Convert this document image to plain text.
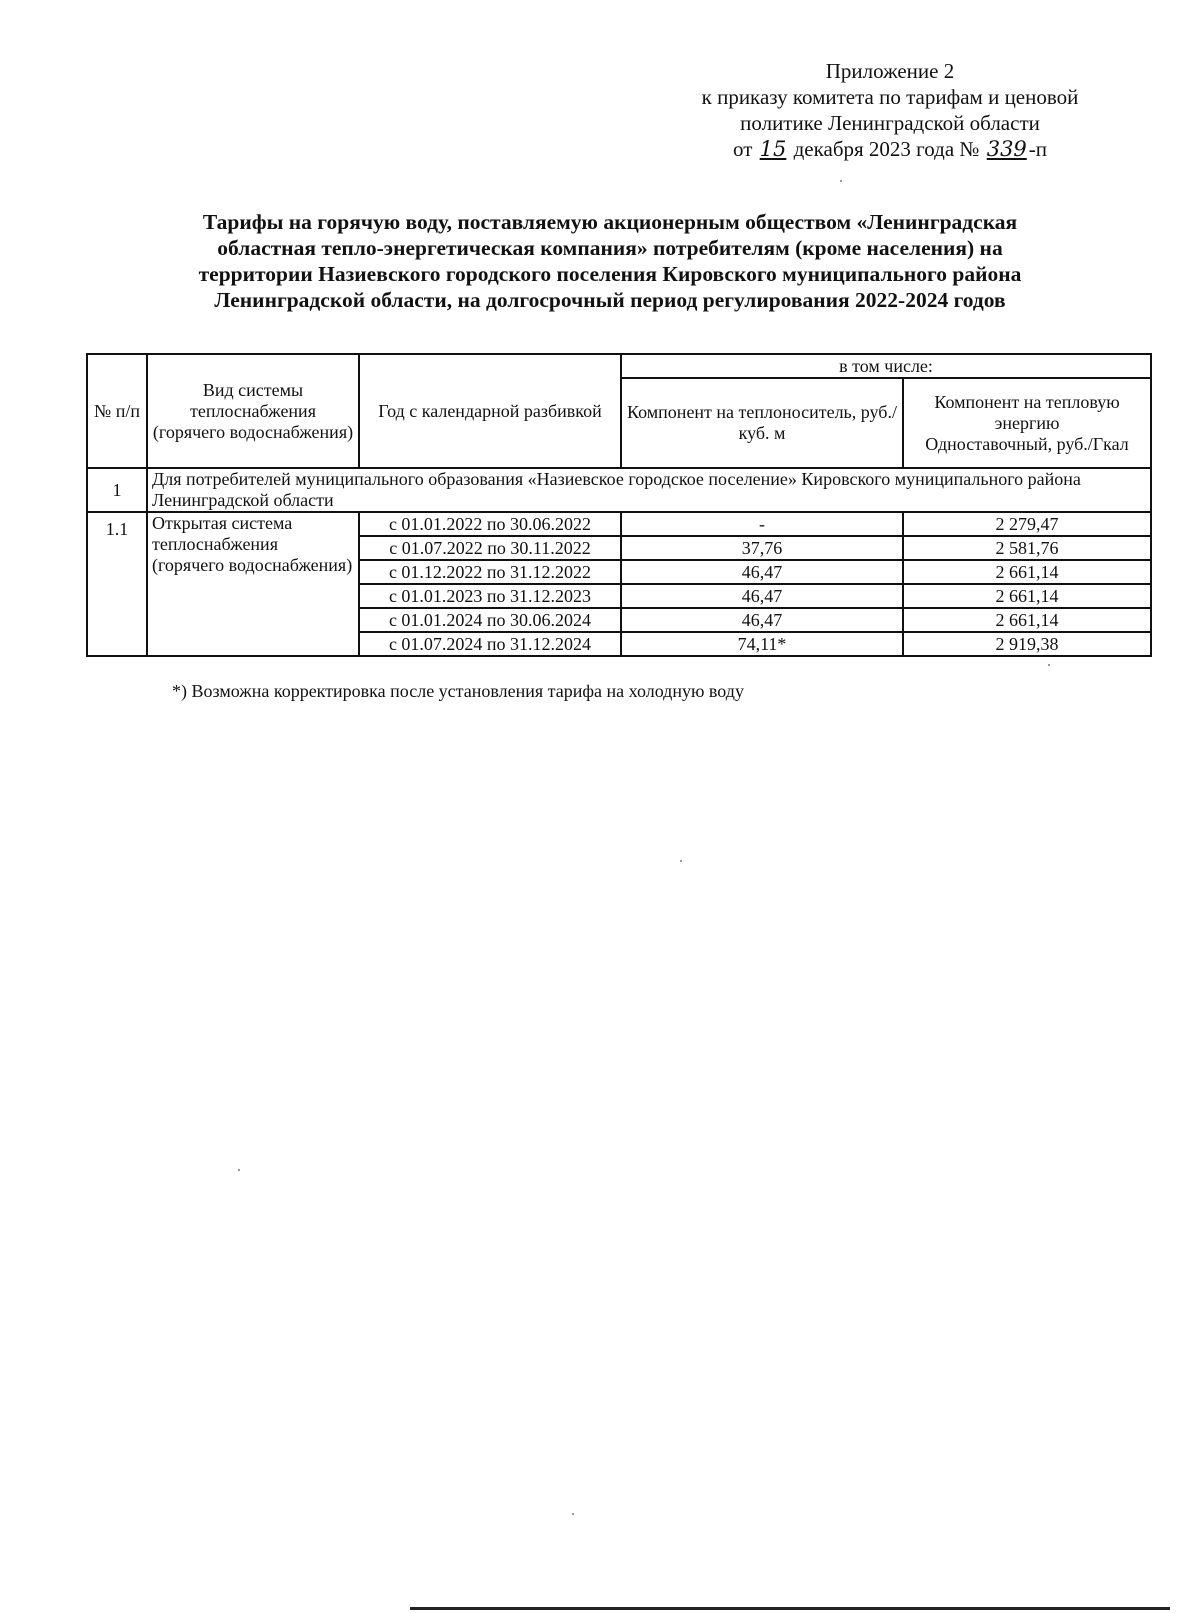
Приложение 2
к приказу комитета по тарифам и ценовой
политике Ленинградской области
от 15 декабря 2023 года № 339-п
Тарифы на горячую воду, поставляемую акционерным обществом «Ленинградская
областная тепло-энергетическая компания» потребителям (кроме населения) на
территории Назиевского городского поселения Кировского муниципального района
Ленинградской области, на долгосрочный период регулирования 2022-2024 годов
№ п/п	Вид системы теплоснабжения (горячего водоснабжения)	Год с календарной разбивкой	в том числе:	
			Компонент на теплоноситель, руб./куб. м	Компонент на тепловую энергию
Одноставочный, руб./Гкал

1	Для потребителей муниципального образования «Назиевское городское поселение» Кировского муниципального района Ленинградской области			
1.1	Открытая система теплоснабжения (горячего водоснабжения)	с 01.01.2022 по 30.06.2022	-	2 279,47
		с 01.07.2022 по 30.11.2022	37,76	2 581,76
		с 01.12.2022 по 31.12.2022	46,47	2 661,14
		с 01.01.2023 по 31.12.2023	46,47	2 661,14
		с 01.01.2024 по 30.06.2024	46,47	2 661,14
		с 01.07.2024 по 31.12.2024	74,11*	2 919,38
*) Возможна корректировка после установления тарифа на холодную воду
